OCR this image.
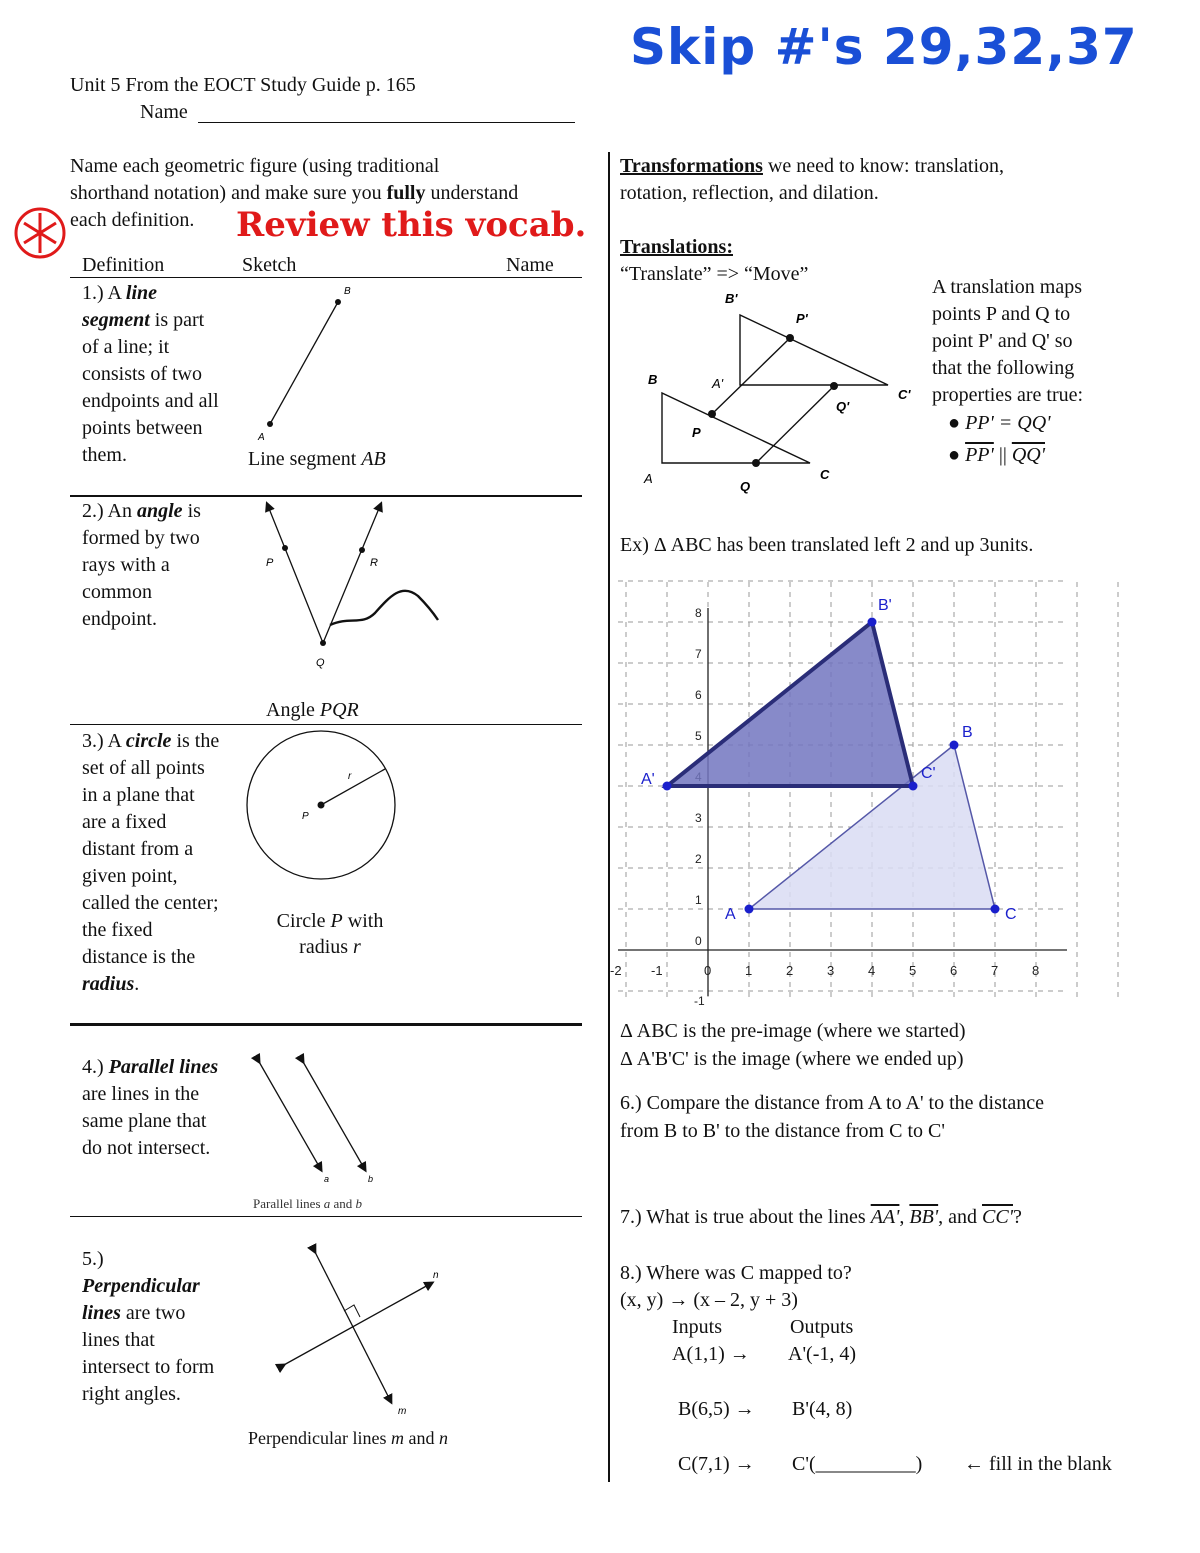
Skip #'s 29,32,37
Review this vocab.
Unit 5 From the EOCT Study Guide p. 165
Name
Name each geometric figure (using traditional
shorthand notation) and make sure you fully understand
each definition.
Definition	Sketch	Name
1.) A line segment is part of a line; it consists of two endpoints and all points between them.
B
A
Line segment AB
2.) An angle is formed by two rays with a common endpoint.
P	R
Q
Angle PQR
3.) A circle is the set of all points in a plane that are a fixed distant from a given point, called the center; the fixed distance is the radius.
P
r
Circle P with
radius r
4.) Parallel lines are lines in the same plane that do not intersect.
a	b
Parallel lines a and b
5.)
Perpendicular lines are two lines that intersect to form right angles.
n
m
Perpendicular lines m and n
Transformations we need to know: translation,
rotation, reflection, and dilation.
Translations:
“Translate” => “Move”
B'
P'
A'
C'
Q'
B
P
A
Q
C
A translation maps
points P and Q to
point P' and Q' so
that the following
properties are true:
● PP' = QQ'
● PP' || QQ'
Ex) Δ ABC has been translated left 2 and up 3units.
-2 -1	0	1	2	3	4	5	6	7	8
-1
0
1
2
3
5
6
7
8
A
B
C
A'
B'
C'
Δ ABC is the pre-image (where we started)
Δ A'B'C' is the image (where we ended up)
6.) Compare the distance from A to A' to the distance
from B to B' to the distance from C to C'
7.) What is true about the lines AA', BB', and CC'?
8.) Where was C mapped to?
(x, y) → (x – 2, y + 3)
Inputs	Outputs
A(1,1) → A'(-1, 4)
B(6,5) → B'(4, 8)
C(7,1) → C'(__________) ← fill in the blank
